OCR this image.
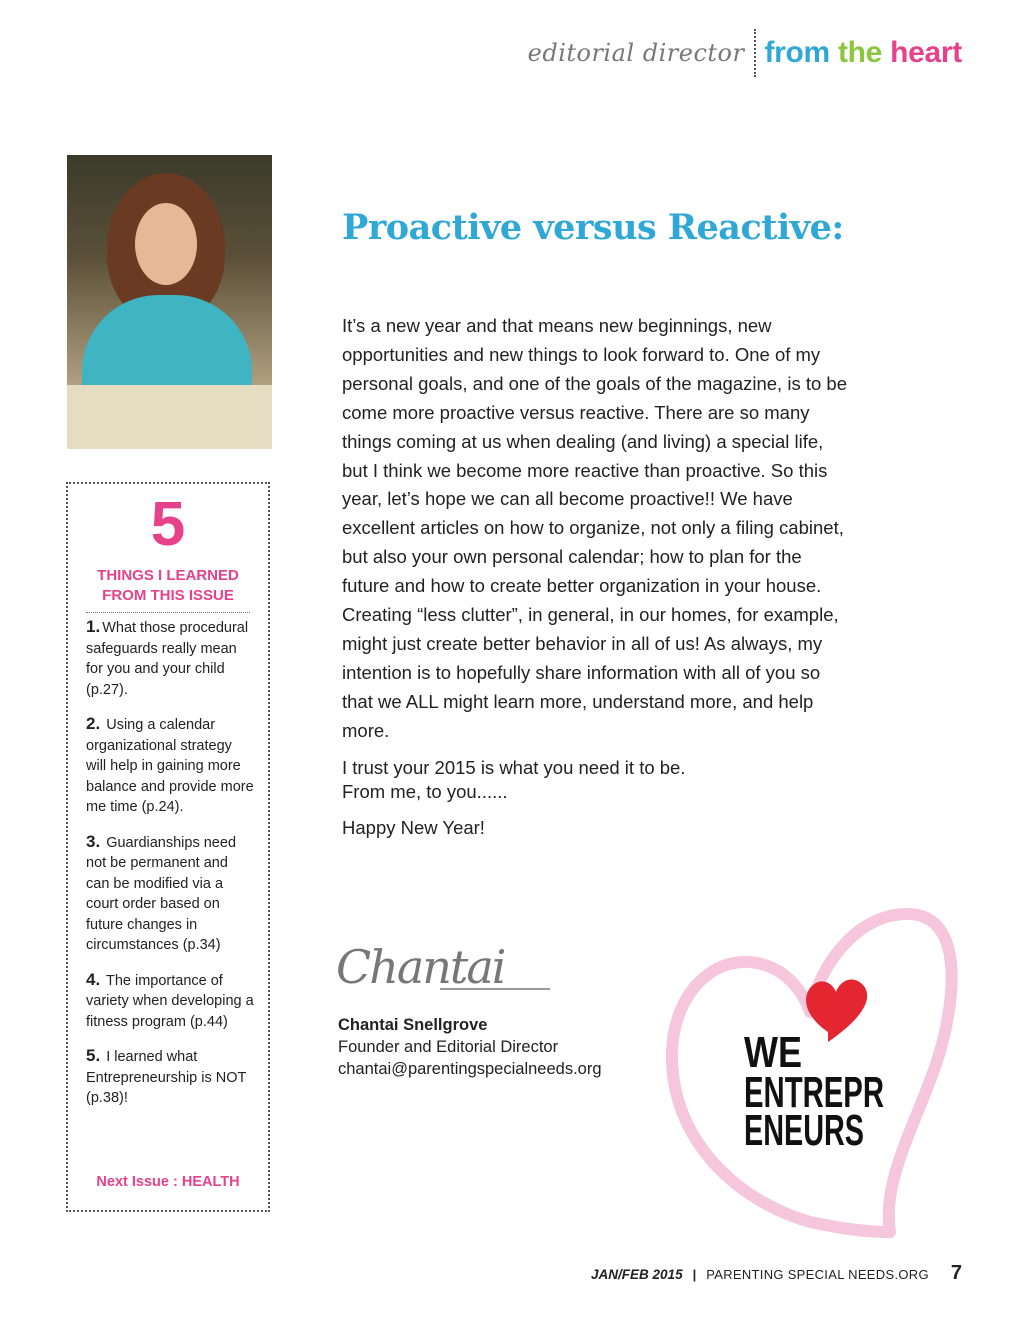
editorial director from the heart
5
THINGS I LEARNED
FROM THIS ISSUE
1. What those procedural safeguards really mean for you and your child (p.27).
2. Using a calendar organizational strategy will help in gaining more balance and provide more me time (p.24).
3. Guardianships need not be permanent and can be modified via a court order based on future changes in circumstances (p.34)
4. The importance of variety when developing a fitness program (p.44)
5. I learned what Entrepreneurship is NOT (p.38)!
Next Issue : HEALTH
Proactive versus Reactive:

It’s a new year and that means new beginnings, new opportunities and new things to look forward to. One of my personal goals, and one of the goals of the magazine, is to be come more proactive versus reactive. There are so many things coming at us when dealing (and living) a special life, but I think we become more reactive than proactive. So this year, let’s hope we can all become proactive!! We have excellent articles on how to organize, not only a filing cabinet, but also your own personal calendar; how to plan for the future and how to create better organization in your house. Creating “less clutter”, in general, in our homes, for example, might just create better behavior in all of us! As always, my intention is to hopefully share information with all of you so that we ALL might learn more, understand more, and help more.

I trust your 2015 is what you need it to be.
From me, to you......

Happy New Year!

Chantai
Chantai Snellgrove
Founder and Editorial Director
chantai@parentingspecialneeds.org	WE
ENTREPR
ENEURS
JAN/FEB 2015 | PARENTING SPECIAL NEEDS.ORG 7
